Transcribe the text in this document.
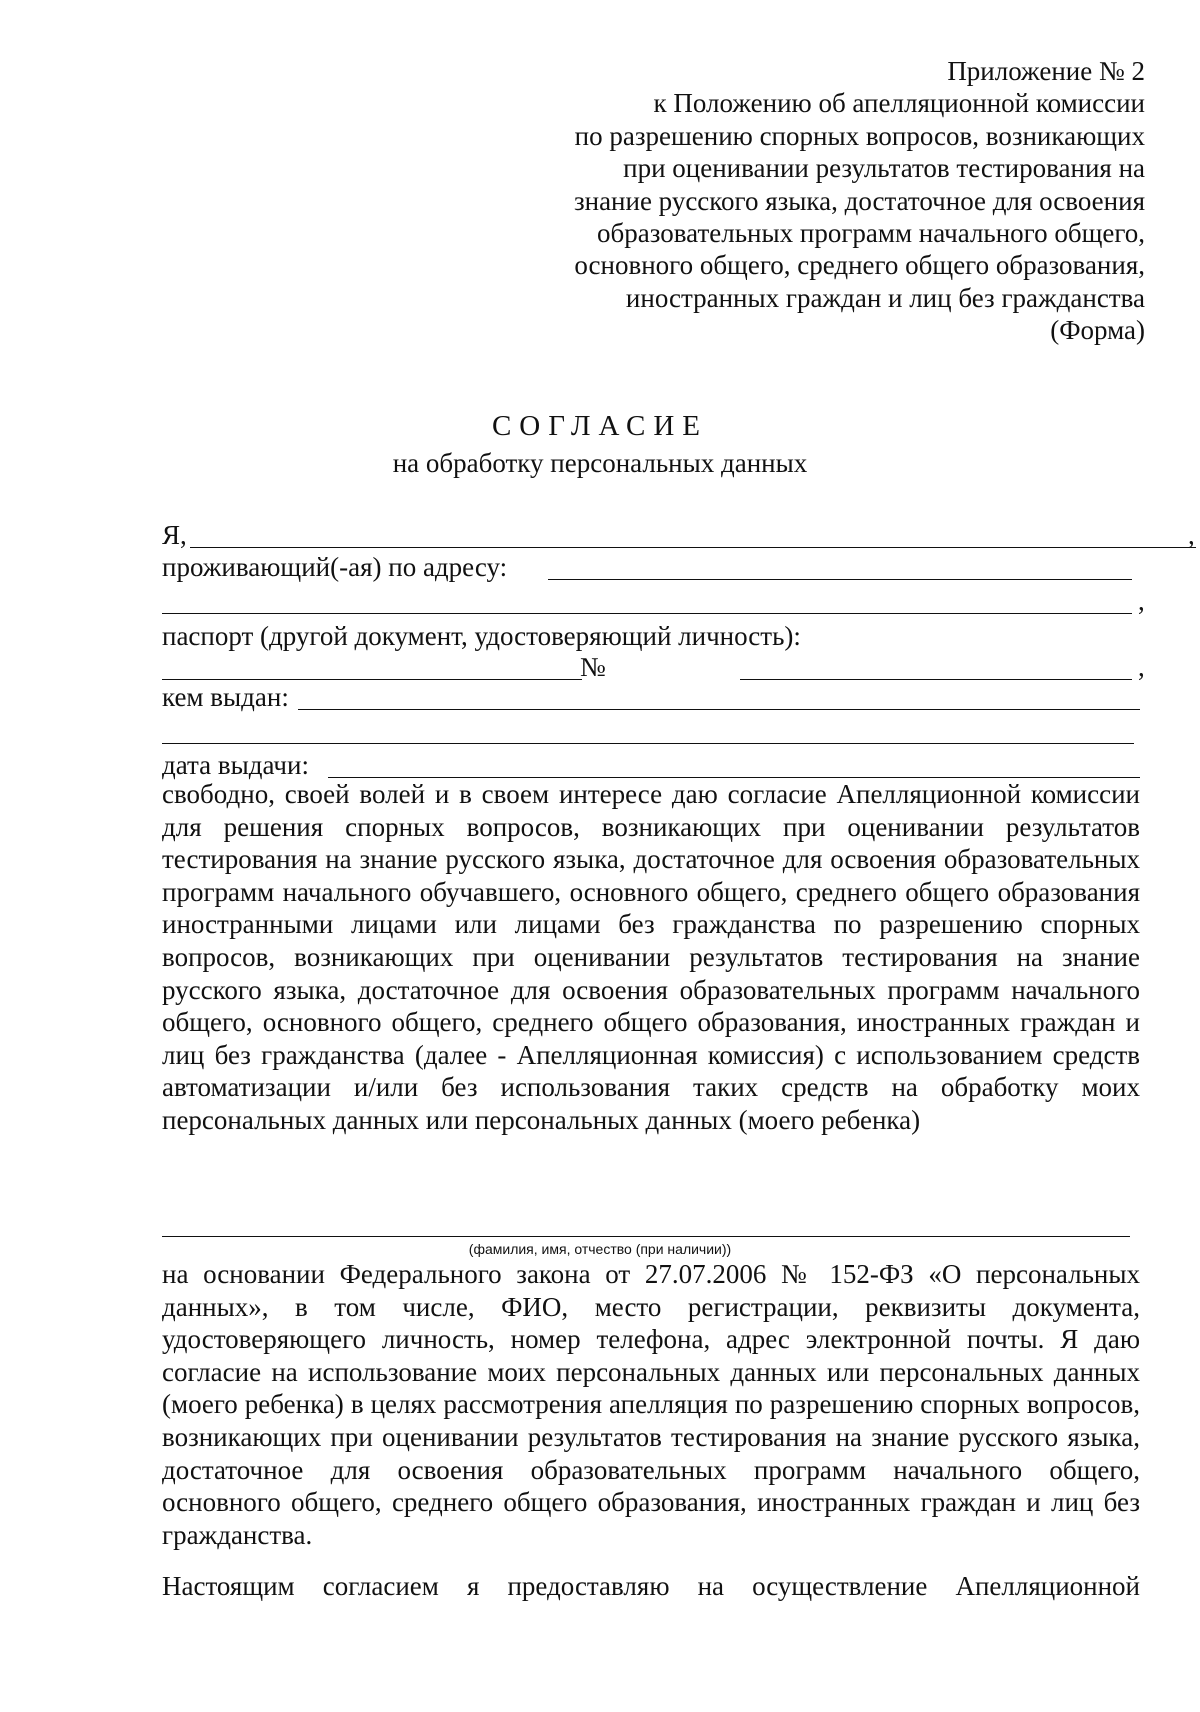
Приложение № 2
к Положению об апелляционной комиссии
по разрешению спорных вопросов, возникающих
при оценивании результатов тестирования на
знание русского языка, достаточное для освоения
образовательных программ начального общего,
основного общего, среднего общего образования,
иностранных граждан и лиц без гражданства
(Форма)
СОГЛАСИЕ
на обработку персональных данных
Я,	,
проживающий(-ая) по адресу:
,
паспорт (другой документ, удостоверяющий личность):
№	,
кем выдан:
дата выдачи:
свободно, своей волей и в своем интересе даю согласие Апелляционной комиссии для решения спорных вопросов, возникающих при оценивании результатов тестирования на знание русского языка, достаточное для освоения образовательных программ начального обучавшего, основного общего, среднего общего образования иностранными лицами или лицами без гражданства по разрешению спорных вопросов, возникающих при оценивании результатов тестирования на знание русского языка, достаточное для освоения образовательных программ начального общего, основного общего, среднего общего образования, иностранных граждан и лиц без гражданства (далее - Апелляционная комиссия) с использованием средств автоматизации и/или без использования таких средств на обработку моих персональных данных или персональных данных (моего ребенка)
(фамилия, имя, отчество (при наличии))
на основании Федерального закона от 27.07.2006 № 152-ФЗ «О персональных данных», в том числе, ФИО, место регистрации, реквизиты документа, удостоверяющего личность, номер телефона, адрес электронной почты. Я даю согласие на использование моих персональных данных или персональных данных (моего ребенка) в целях рассмотрения апелляция по разрешению спорных вопросов, возникающих при оценивании результатов тестирования на знание русского языка, достаточное для освоения образовательных программ начального общего, основного общего, среднего общего образования, иностранных граждан и лиц без гражданства.
Настоящим согласием я предоставляю на осуществление Апелляционной
